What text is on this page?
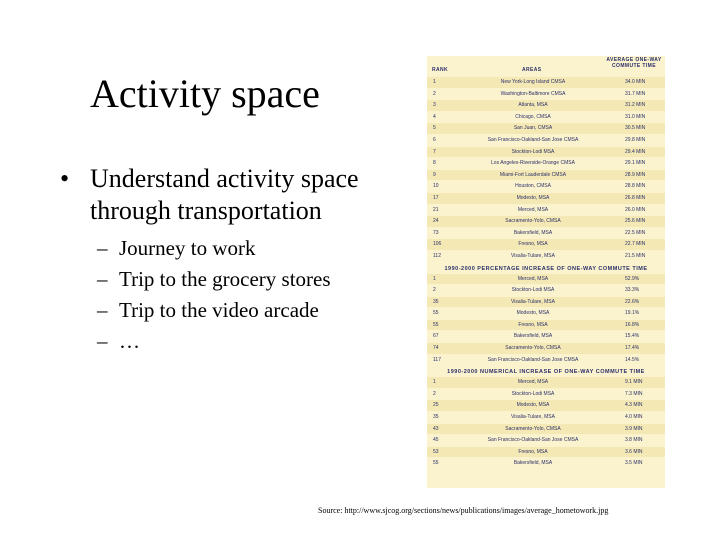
Activity space
• Understand activity space through transportation
– Journey to work
– Trip to the grocery stores
– Trip to the video arcade
– …
RANK	AREAS
AVERAGE ONE-WAY COMMUTE TIME
1	New York-Long Island CMSA	34.0 MIN
2	Washington-Baltimore CMSA	31.7 MIN
3	Atlanta, MSA	31.2 MIN
4	Chicago, CMSA	31.0 MIN
5	San Juan, CMSA	30.5 MIN
6	San Francisco-Oakland-San Jose CMSA	29.8 MIN
7	Stockton-Lodi MSA	29.4 MIN
8	Los Angeles-Riverside-Orange CMSA	29.1 MIN
9	Miami-Fort Lauderdale CMSA	28.9 MIN
10	Houston, CMSA	28.8 MIN
17	Modesto, MSA	26.8 MIN
21	Merced, MSA	26.0 MIN
24	Sacramento-Yolo, CMSA	25.6 MIN
73	Bakersfield, MSA	22.5 MIN
106	Fresno, MSA	22.7 MIN
112	Visalia-Tulare, MSA	21.5 MIN
1990-2000 PERCENTAGE INCREASE OF ONE-WAY COMMUTE TIME
1	Merced, MSA	52.9%
2	Stockton-Lodi MSA	33.3%
35	Visalia-Tulare, MSA	22.6%
55	Modesto, MSA	19.1%
55	Fresno, MSA	16.8%
67	Bakersfield, MSA	15.4%
74	Sacramento-Yolo, CMSA	17.4%
117	San Francisco-Oakland-San Jose CMSA	14.5%
1990-2000 NUMERICAL INCREASE OF ONE-WAY COMMUTE TIME
1	Merced, MSA	9.1 MIN
2	Stockton-Lodi MSA	7.3 MIN
25	Modesto, MSA	4.3 MIN
35	Visalia-Tulare, MSA	4.0 MIN
43	Sacramento-Yolo, CMSA	3.9 MIN
45	San Francisco-Oakland-San Jose CMSA	3.8 MIN
53	Fresno, MSA	3.6 MIN
55	Bakersfield, MSA	3.5 MIN
Source: http://www.sjcog.org/sections/news/publications/images/average_hometowork.jpg
